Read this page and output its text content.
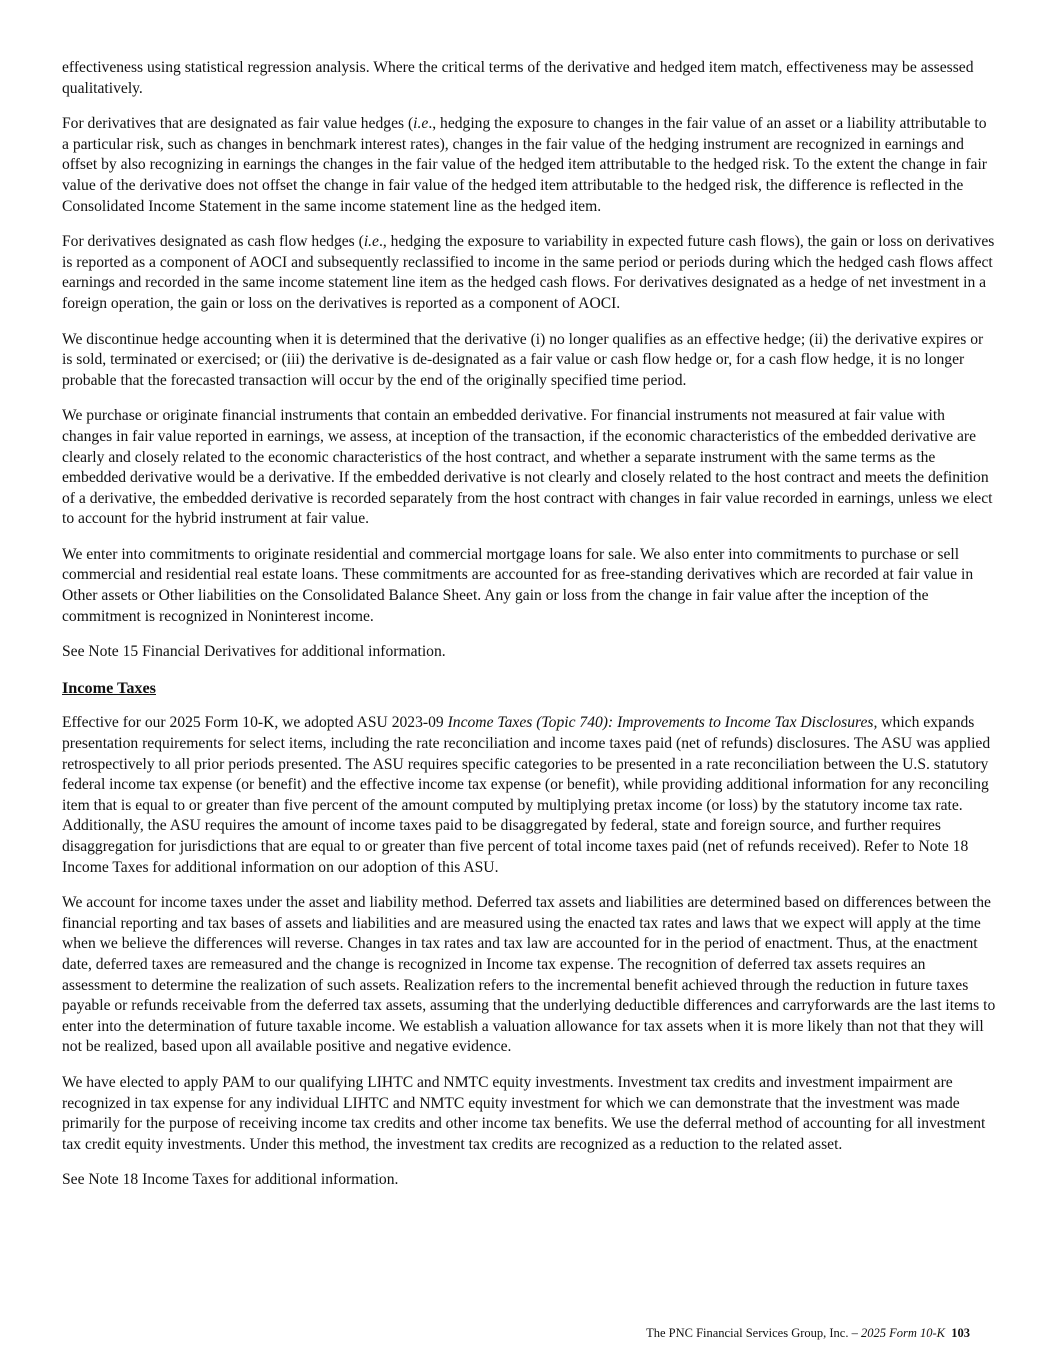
effectiveness using statistical regression analysis. Where the critical terms of the derivative and hedged item match, effectiveness may be assessed qualitatively.

For derivatives that are designated as fair value hedges (i.e., hedging the exposure to changes in the fair value of an asset or a liability attributable to a particular risk, such as changes in benchmark interest rates), changes in the fair value of the hedging instrument are recognized in earnings and offset by also recognizing in earnings the changes in the fair value of the hedged item attributable to the hedged risk. To the extent the change in fair value of the derivative does not offset the change in fair value of the hedged item attributable to the hedged risk, the difference is reflected in the Consolidated Income Statement in the same income statement line as the hedged item.

For derivatives designated as cash flow hedges (i.e., hedging the exposure to variability in expected future cash flows), the gain or loss on derivatives is reported as a component of AOCI and subsequently reclassified to income in the same period or periods during which the hedged cash flows affect earnings and recorded in the same income statement line item as the hedged cash flows. For derivatives designated as a hedge of net investment in a foreign operation, the gain or loss on the derivatives is reported as a component of AOCI.

We discontinue hedge accounting when it is determined that the derivative (i) no longer qualifies as an effective hedge; (ii) the derivative expires or is sold, terminated or exercised; or (iii) the derivative is de-designated as a fair value or cash flow hedge or, for a cash flow hedge, it is no longer probable that the forecasted transaction will occur by the end of the originally specified time period.

We purchase or originate financial instruments that contain an embedded derivative. For financial instruments not measured at fair value with changes in fair value reported in earnings, we assess, at inception of the transaction, if the economic characteristics of the embedded derivative are clearly and closely related to the economic characteristics of the host contract, and whether a separate instrument with the same terms as the embedded derivative would be a derivative. If the embedded derivative is not clearly and closely related to the host contract and meets the definition of a derivative, the embedded derivative is recorded separately from the host contract with changes in fair value recorded in earnings, unless we elect to account for the hybrid instrument at fair value.

We enter into commitments to originate residential and commercial mortgage loans for sale. We also enter into commitments to purchase or sell commercial and residential real estate loans. These commitments are accounted for as free-standing derivatives which are recorded at fair value in Other assets or Other liabilities on the Consolidated Balance Sheet. Any gain or loss from the change in fair value after the inception of the commitment is recognized in Noninterest income.

See Note 15 Financial Derivatives for additional information.

Income Taxes

Effective for our 2025 Form 10-K, we adopted ASU 2023-09 Income Taxes (Topic 740): Improvements to Income Tax Disclosures, which expands presentation requirements for select items, including the rate reconciliation and income taxes paid (net of refunds) disclosures. The ASU was applied retrospectively to all prior periods presented. The ASU requires specific categories to be presented in a rate reconciliation between the U.S. statutory federal income tax expense (or benefit) and the effective income tax expense (or benefit), while providing additional information for any reconciling item that is equal to or greater than five percent of the amount computed by multiplying pretax income (or loss) by the statutory income tax rate. Additionally, the ASU requires the amount of income taxes paid to be disaggregated by federal, state and foreign source, and further requires disaggregation for jurisdictions that are equal to or greater than five percent of total income taxes paid (net of refunds received). Refer to Note 18 Income Taxes for additional information on our adoption of this ASU.

We account for income taxes under the asset and liability method. Deferred tax assets and liabilities are determined based on differences between the financial reporting and tax bases of assets and liabilities and are measured using the enacted tax rates and laws that we expect will apply at the time when we believe the differences will reverse. Changes in tax rates and tax law are accounted for in the period of enactment. Thus, at the enactment date, deferred taxes are remeasured and the change is recognized in Income tax expense. The recognition of deferred tax assets requires an assessment to determine the realization of such assets. Realization refers to the incremental benefit achieved through the reduction in future taxes payable or refunds receivable from the deferred tax assets, assuming that the underlying deductible differences and carryforwards are the last items to enter into the determination of future taxable income. We establish a valuation allowance for tax assets when it is more likely than not that they will not be realized, based upon all available positive and negative evidence.

We have elected to apply PAM to our qualifying LIHTC and NMTC equity investments. Investment tax credits and investment impairment are recognized in tax expense for any individual LIHTC and NMTC equity investment for which we can demonstrate that the investment was made primarily for the purpose of receiving income tax credits and other income tax benefits. We use the deferral method of accounting for all investment tax credit equity investments. Under this method, the investment tax credits are recognized as a reduction to the related asset.

See Note 18 Income Taxes for additional information.

The PNC Financial Services Group, Inc. – 2025 Form 10-K 103
